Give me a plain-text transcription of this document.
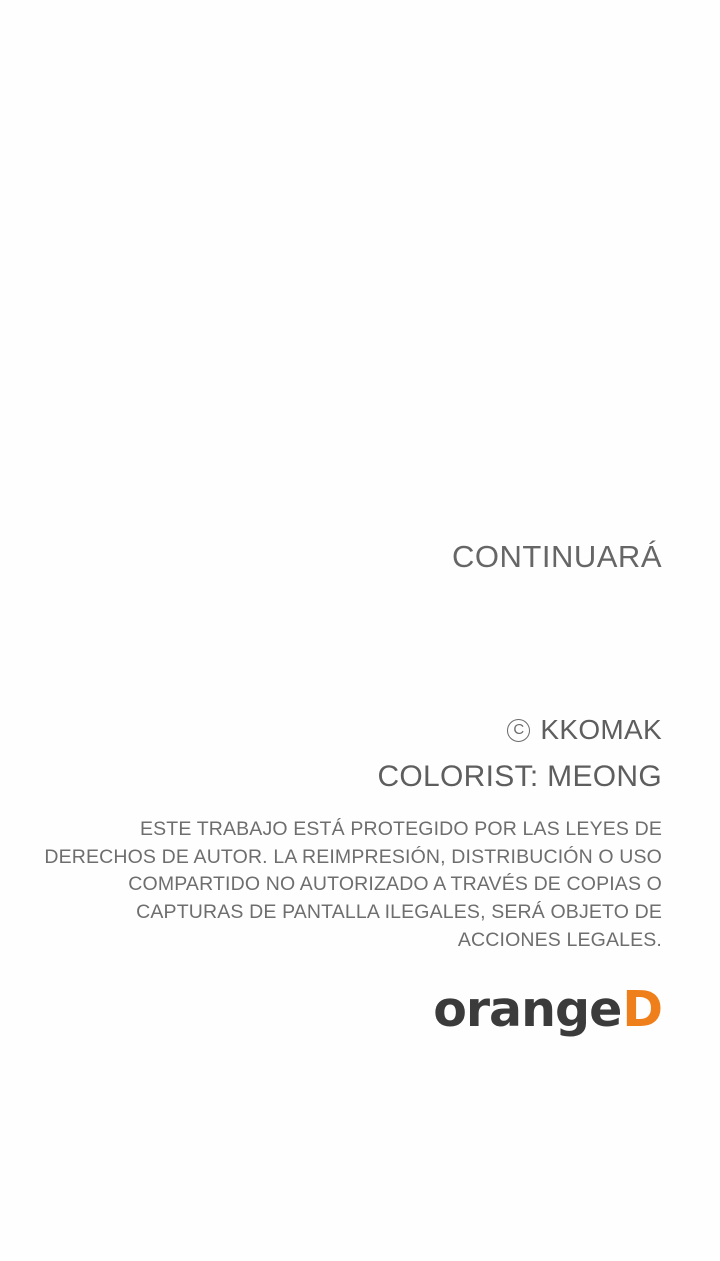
CONTINUARÁ

C KKOMAK
COLORIST: MEONG
ESTE TRABAJO ESTÁ PROTEGIDO POR LAS LEYES DE DERECHOS DE AUTOR. LA REIMPRESIÓN, DISTRIBUCIÓN O USO COMPARTIDO NO AUTORIZADO A TRAVÉS DE COPIAS O CAPTURAS DE PANTALLA ILEGALES, SERÁ OBJETO DE ACCIONES LEGALES.
orange D
